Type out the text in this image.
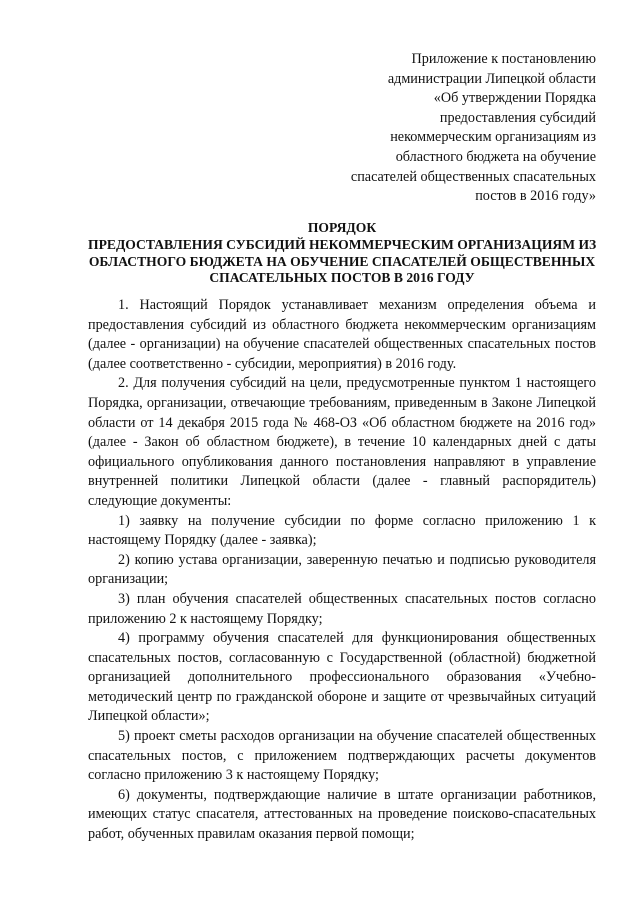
Приложение к постановлению
администрации Липецкой области
«Об утверждении Порядка
предоставления субсидий
некоммерческим организациям из
областного бюджета на обучение
спасателей общественных спасательных
постов в 2016 году»
ПОРЯДОК
ПРЕДОСТАВЛЕНИЯ СУБСИДИЙ НЕКОММЕРЧЕСКИМ ОРГАНИЗАЦИЯМ ИЗ
ОБЛАСТНОГО БЮДЖЕТА НА ОБУЧЕНИЕ СПАСАТЕЛЕЙ ОБЩЕСТВЕННЫХ
СПАСАТЕЛЬНЫХ ПОСТОВ В 2016 ГОДУ

1. Настоящий Порядок устанавливает механизм определения объема и предоставления субсидий из областного бюджета некоммерческим организациям (далее - организации) на обучение спасателей общественных спасательных постов (далее соответственно - субсидии, мероприятия) в 2016 году.

2. Для получения субсидий на цели, предусмотренные пунктом 1 настоящего Порядка, организации, отвечающие требованиям, приведенным в Законе Липецкой области от 14 декабря 2015 года № 468-ОЗ «Об областном бюджете на 2016 год» (далее - Закон об областном бюджете), в течение 10 календарных дней с даты официального опубликования данного постановления направляют в управление внутренней политики Липецкой области (далее - главный распорядитель) следующие документы:

1) заявку на получение субсидии по форме согласно приложению 1 к настоящему Порядку (далее - заявка);

2) копию устава организации, заверенную печатью и подписью руководителя организации;

3) план обучения спасателей общественных спасательных постов согласно приложению 2 к настоящему Порядку;

4) программу обучения спасателей для функционирования общественных спасательных постов, согласованную с Государственной (областной) бюджетной организацией дополнительного профессионального образования «Учебно-методический центр по гражданской обороне и защите от чрезвычайных ситуаций Липецкой области»;

5) проект сметы расходов организации на обучение спасателей общественных спасательных постов, с приложением подтверждающих расчеты документов согласно приложению 3 к настоящему Порядку;

6) документы, подтверждающие наличие в штате организации работников, имеющих статус спасателя, аттестованных на проведение поисково-спасательных работ, обученных правилам оказания первой помощи;
